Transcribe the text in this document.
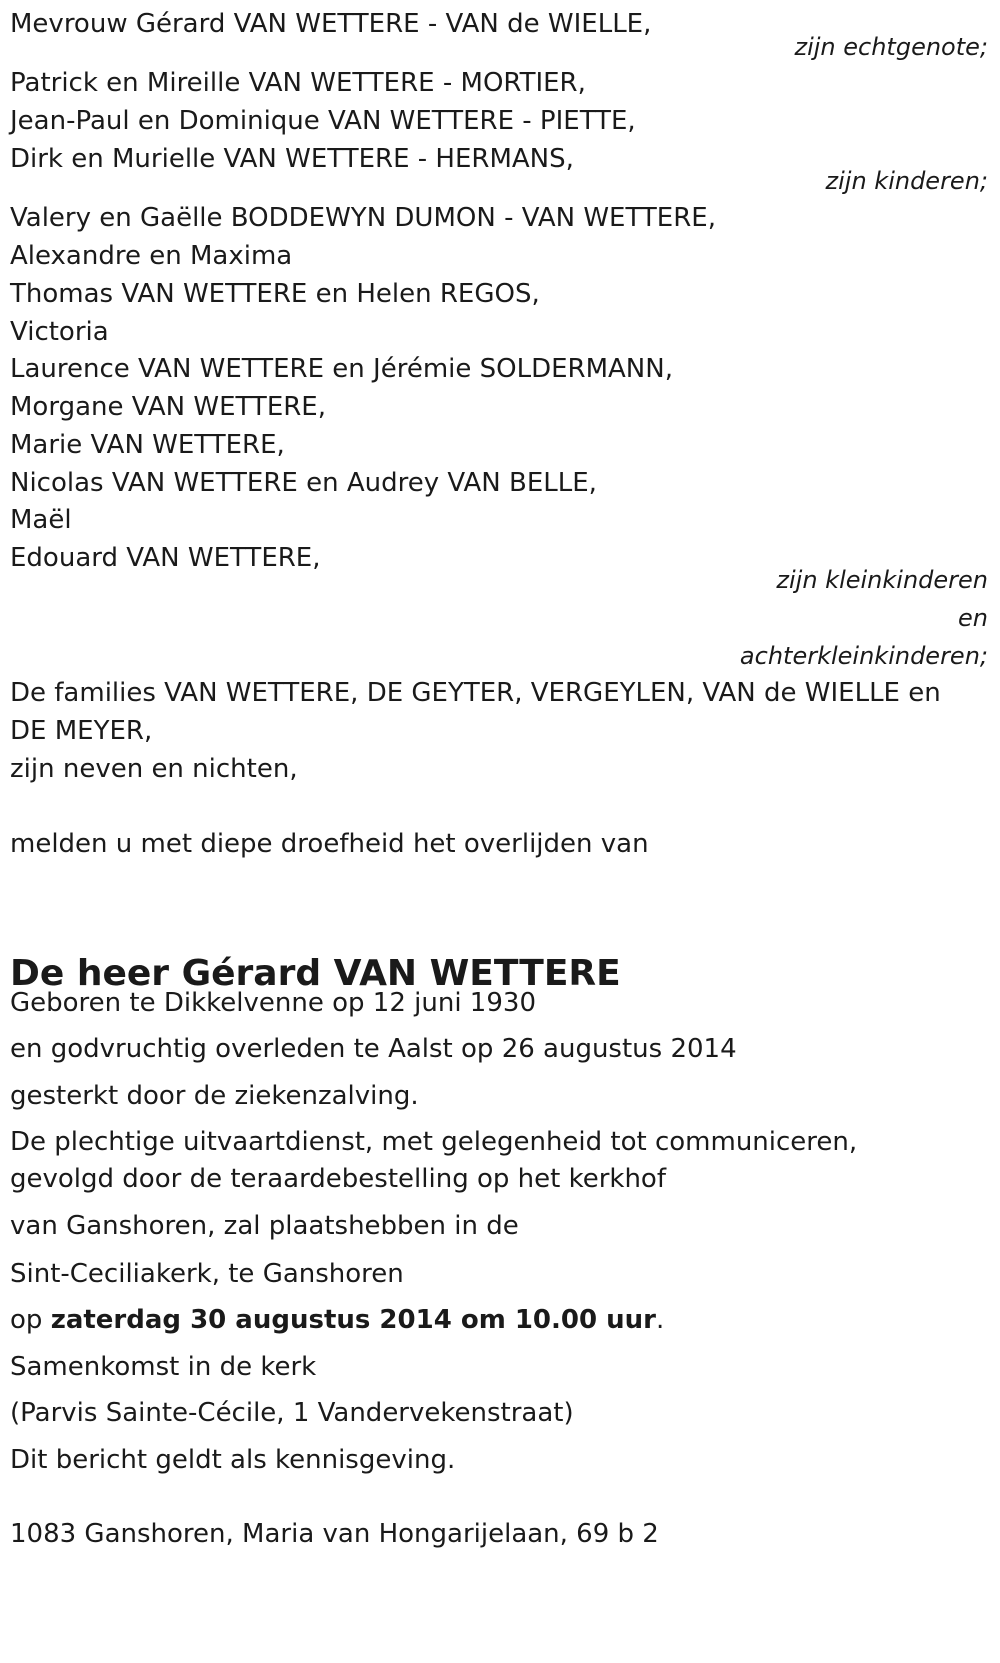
Mevrouw Gérard VAN WETTERE - VAN de WIELLE,
zijn echtgenote;
Patrick en Mireille VAN WETTERE - MORTIER,
Jean-Paul en Dominique VAN WETTERE - PIETTE,
Dirk en Murielle VAN WETTERE - HERMANS,
zijn kinderen;
Valery en Gaëlle BODDEWYN DUMON - VAN WETTERE,
Alexandre en Maxima
Thomas VAN WETTERE en Helen REGOS,
Victoria
Laurence VAN WETTERE en Jérémie SOLDERMANN,
Morgane VAN WETTERE,
Marie VAN WETTERE,
Nicolas VAN WETTERE en Audrey VAN BELLE,
Maël
Edouard VAN WETTERE,
zijn kleinkinderen
en
achterkleinkinderen;
De families VAN WETTERE, DE GEYTER, VERGEYLEN, VAN de WIELLE en
DE MEYER,
zijn neven en nichten,
melden u met diepe droefheid het overlijden van
De heer Gérard VAN WETTERE
Geboren te Dikkelvenne op 12 juni 1930
en godvruchtig overleden te Aalst op 26 augustus 2014
gesterkt door de ziekenzalving.
De plechtige uitvaartdienst, met gelegenheid tot communiceren,
gevolgd door de teraardebestelling op het kerkhof
van Ganshoren, zal plaatshebben in de
Sint-Ceciliakerk, te Ganshoren
op zaterdag 30 augustus 2014 om 10.00 uur.
Samenkomst in de kerk
(Parvis Sainte-Cécile, 1 Vandervekenstraat)
Dit bericht geldt als kennisgeving.
1083 Ganshoren, Maria van Hongarijelaan, 69 b 2
